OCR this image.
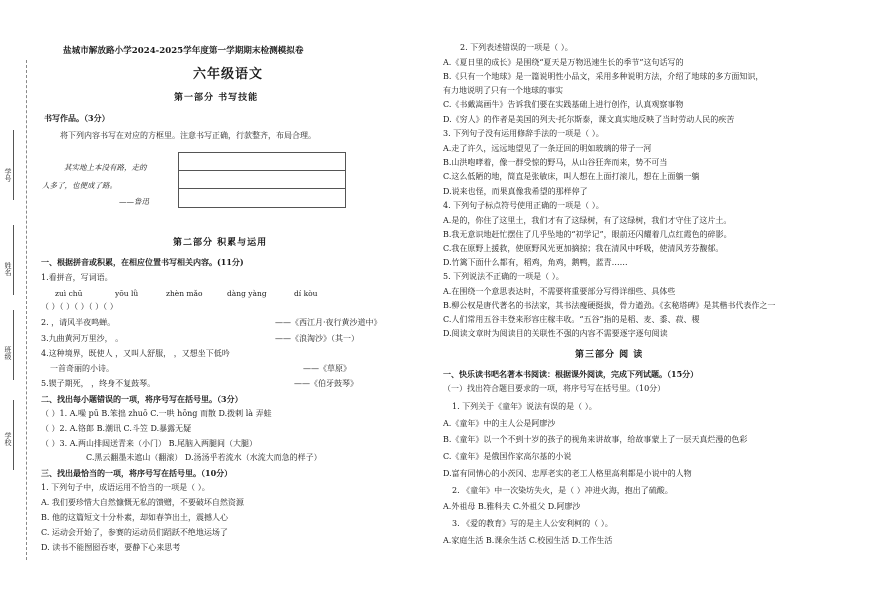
学号
姓名
班级
学校
盐城市解放路小学2024-2025学年度第一学期期末检测模拟卷
六年级语文
第一部分 书写技能
书写作品。（3分）
将下列内容书写在对应的方框里。注意书写正确，行款整齐，布局合理。
其实地上本没有路，走的
人多了，也便成了路。
——鲁迅
第二部分 积累与运用
一、根据拼音或积累，在相应位置书写相关内容。(11分)
1.看拼音，写词语。
zuì chū	yōu lǜ	zhèn mǎo	dàng yàng	dí kòu
（ ）（ ）（ ）（ ）（ ）
2. ，请风半夜鸣蝉。	——《西江月·夜行黄沙道中》
3.九曲黄河万里沙， 。	——《浪淘沙》（其一）
4.这种境界，既使人 ，又叫人舒服， ，又想坐下低吟
一首奇丽的小诗。	——《草原》
5.锲子期死， ，终身不复鼓琴。	——《伯牙鼓琴》
二、找出每小题错误的一项，将序号写在括号里。（3分）
（ ）1. A.噪 pū B.笨拙 zhuō C.一哄 hōng 而散 D.拨剌 là 弄蛙
（ ）2. A.铬郎 B.潮讯 C.斗笠 D.暴露无疑
（ ）3. A.两山排闼送青来（小门） B.尾脑入两腿间（大腿）
C.黑云翻墨未遮山（翻滚） D.汤汤乎若流水（水流大而急的样子）
三、找出最恰当的一项，将序号写在括号里。（10分）
1. 下列句子中，成语运用不恰当的一项是（ ）。
A. 我们要珍惜大自然慷慨无私的馈赠，不要破坏自然资源
B. 他的这篇短文十分朴素，却如春笋出土，震撼人心
C. 运动会开始了，参赛的运动员们蹈跃不绝地运场了
D. 读书不能囫囵吞枣，要静下心来思考
2. 下列表述错误的一项是（ ）。
A.《夏日里的成长》是围绕“夏天是万物迅速生长的季节”这句话写的
B.《只有一个地球》是一篇说明性小品文，采用多种说明方法，介绍了地球的多方面知识，
有力地说明了只有一个地球的事实
C.《书戴嵩画牛》告诉我们要在实践基础上进行创作，认真观察事物
D.《穷人》的作者是美国的列夫·托尔斯泰，课文真实地反映了当时劳动人民的疾苦
3. 下列句子没有运用修辞手法的一项是（ ）。
A.走了许久，远远地望见了一条迂回的明如玻璃的带子一河
B.山洪咆哮着，像一群受惊的野马，从山谷狂奔而来，势不可当
C.这么低陋的地，简直是张敏床，叫人想在上面打滚儿，想在上面躺一躺
D.说来也怪，而果真像我希望的那样停了
4. 下列句子标点符号使用正确的一项是（ ）。
A.是的，你住了这里土，我们才有了这绿树，有了这绿树，我们才守住了这片土。
B.我无意识地赶忙摆住了几乎坠地的“初学记”，眼前还闪耀着几点红霞色的碎影。
C.我在原野上援救，使原野风光更加摘掠；我在清风中呼吸，使清风芳芬馥郁。
D.竹篱下面什么都有，稻鸡，角鸡，鹅鸭，蓝青……
5. 下列说法不正确的一项是（ ）。
A.在围绕一个意思表达时，不需要将重要部分写得详细些、具体些
B.柳公权是唐代著名的书法家，其书法瘦硬挺拔，骨力遒劲。《玄秘塔碑》是其楷书代表作之一
C.人们常用五谷丰登来形容庄稼丰收。“五谷”指的是稻、麦、黍、菽、稷
D.阅读文章时为阅读目的关联性不强的内容不需要逐字逐句阅读
第三部分 阅 读
一、快乐读书吧名著本书阅读：根据课外阅读，完成下列试题。（15分）
（一）找出符合题目要求的一项，将序号写在括号里。（10分）
1. 下列关于《童年》说法有误的是（ ）。
A.《童年》中的主人公是阿廖沙
B.《童年》以一个不到十岁的孩子的视角来讲故事，给故事蒙上了一层天真烂漫的色彩
C.《童年》是俄国作家高尔基的小说
D.富有同情心的小茨冈、忠厚老实的老工人格里高利都是小说中的人物
2. 《童年》中一次染坊失火，是（ ）冲进火海，抱出了硫酸。
A.外祖母 B.雅科夫 C.外祖父 D.阿廖沙
3. 《爱的教育》写的是主人公安利柯的（ ）。
A.家庭生活 B.课余生活 C.校园生活 D.工作生活
